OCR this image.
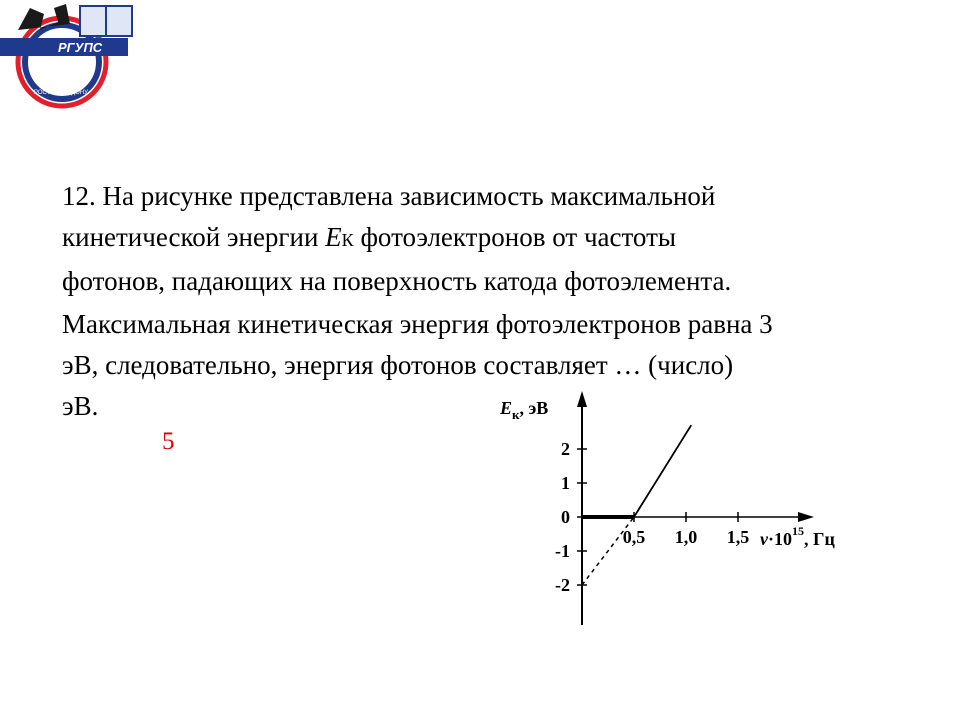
РГУПС
РОСТОВ-НА-ДОНУ
12. На рисунке представлена зависимость максимальной
кинетической энергии EК фотоэлектронов от частоты
фотонов, падающих на поверхность катода фотоэлемента.
Максимальная кинетическая энергия фотоэлектронов равна 3
эВ, следовательно, энергия фотонов составляет … (число)
эВ.
5	2
1
0
-1
-2
0,5 1,0 1,5
$E_к$, эВ
$\nu\cdot 10^{15}$, Гц
